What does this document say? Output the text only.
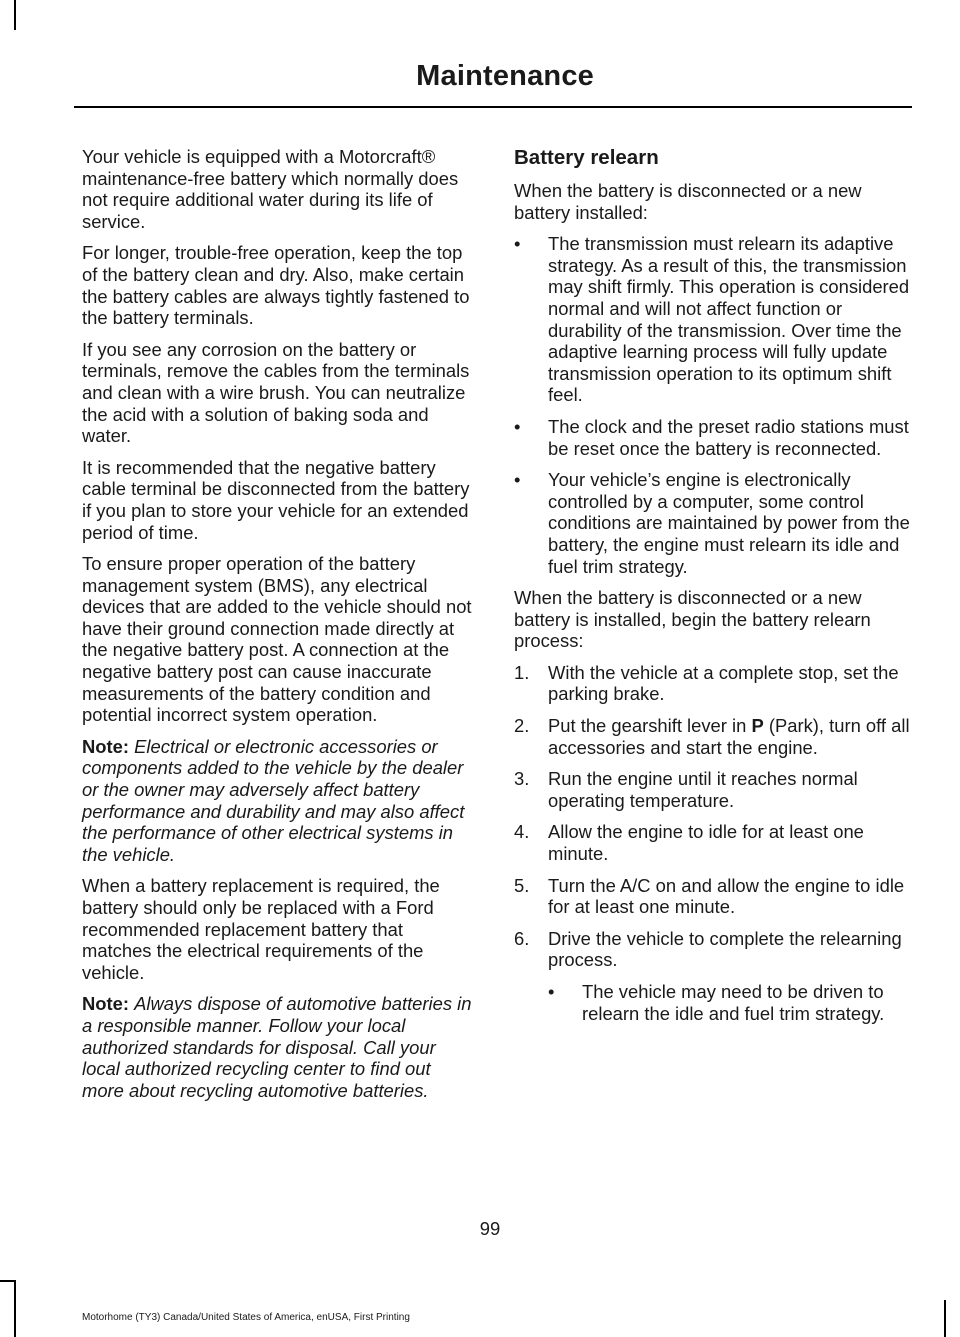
Maintenance

Your vehicle is equipped with a Motorcraft® maintenance-free battery which normally does not require additional water during its life of service.

For longer, trouble-free operation, keep the top of the battery clean and dry. Also, make certain the battery cables are always tightly fastened to the battery terminals.

If you see any corrosion on the battery or terminals, remove the cables from the terminals and clean with a wire brush. You can neutralize the acid with a solution of baking soda and water.

It is recommended that the negative battery cable terminal be disconnected from the battery if you plan to store your vehicle for an extended period of time.

To ensure proper operation of the battery management system (BMS), any electrical devices that are added to the vehicle should not have their ground connection made directly at the negative battery post. A connection at the negative battery post can cause inaccurate measurements of the battery condition and potential incorrect system operation.

Note: Electrical or electronic accessories or components added to the vehicle by the dealer or the owner may adversely affect battery performance and durability and may also affect the performance of other electrical systems in the vehicle.

When a battery replacement is required, the battery should only be replaced with a Ford recommended replacement battery that matches the electrical requirements of the vehicle.

Note: Always dispose of automotive batteries in a responsible manner. Follow your local authorized standards for disposal. Call your local authorized recycling center to find out more about recycling automotive batteries.

Battery relearn

When the battery is disconnected or a new battery installed:

• The transmission must relearn its adaptive strategy. As a result of this, the transmission may shift firmly. This operation is considered normal and will not affect function or durability of the transmission. Over time the adaptive learning process will fully update transmission operation to its optimum shift feel.
• The clock and the preset radio stations must be reset once the battery is reconnected.
• Your vehicle’s engine is electronically controlled by a computer, some control conditions are maintained by power from the battery, the engine must relearn its idle and fuel trim strategy.

When the battery is disconnected or a new battery is installed, begin the battery relearn process:

1. With the vehicle at a complete stop, set the parking brake.
2. Put the gearshift lever in P (Park), turn off all accessories and start the engine.
3. Run the engine until it reaches normal operating temperature.
4. Allow the engine to idle for at least one minute.
5. Turn the A/C on and allow the engine to idle for at least one minute.
6. Drive the vehicle to complete the relearning process.
• The vehicle may need to be driven to relearn the idle and fuel trim strategy.
99
Motorhome (TY3) Canada/United States of America, enUSA, First Printing
